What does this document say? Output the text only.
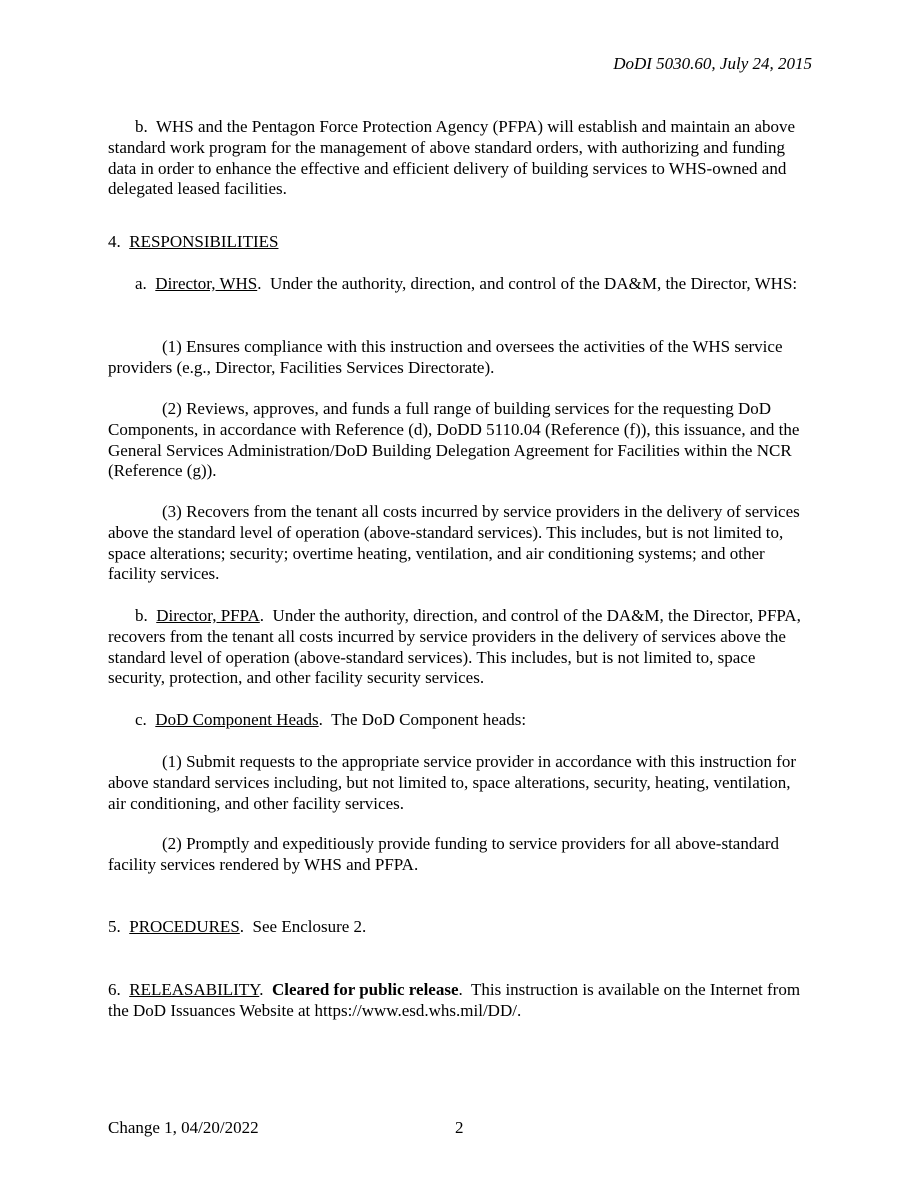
DoDI 5030.60, July 24, 2015

b. WHS and the Pentagon Force Protection Agency (PFPA) will establish and maintain an above standard work program for the management of above standard orders, with authorizing and funding data in order to enhance the effective and efficient delivery of building services to WHS-owned and delegated leased facilities.

4. RESPONSIBILITIES

a. Director, WHS.  Under the authority, direction, and control of the DA&M, the Director, WHS:

(1) Ensures compliance with this instruction and oversees the activities of the WHS service providers (e.g., Director, Facilities Services Directorate).

(2) Reviews, approves, and funds a full range of building services for the requesting DoD Components, in accordance with Reference (d), DoDD 5110.04 (Reference (f)), this issuance, and the General Services Administration/DoD Building Delegation Agreement for Facilities within the NCR (Reference (g)).

(3) Recovers from the tenant all costs incurred by service providers in the delivery of services above the standard level of operation (above-standard services). This includes, but is not limited to, space alterations; security; overtime heating, ventilation, and air conditioning systems; and other facility services.

b. Director, PFPA.  Under the authority, direction, and control of the DA&M, the Director, PFPA, recovers from the tenant all costs incurred by service providers in the delivery of services above the standard level of operation (above-standard services). This includes, but is not limited to, space security, protection, and other facility security services.

c. DoD Component Heads.  The DoD Component heads:

(1) Submit requests to the appropriate service provider in accordance with this instruction for above standard services including, but not limited to, space alterations, security, heating, ventilation, air conditioning, and other facility services.

(2) Promptly and expeditiously provide funding to service providers for all above-standard facility services rendered by WHS and PFPA.

5. PROCEDURES.  See Enclosure 2.

6. RELEASABILITY.  Cleared for public release.  This instruction is available on the Internet from the DoD Issuances Website at https://www.esd.whs.mil/DD/.

Change 1, 04/20/2022	2
